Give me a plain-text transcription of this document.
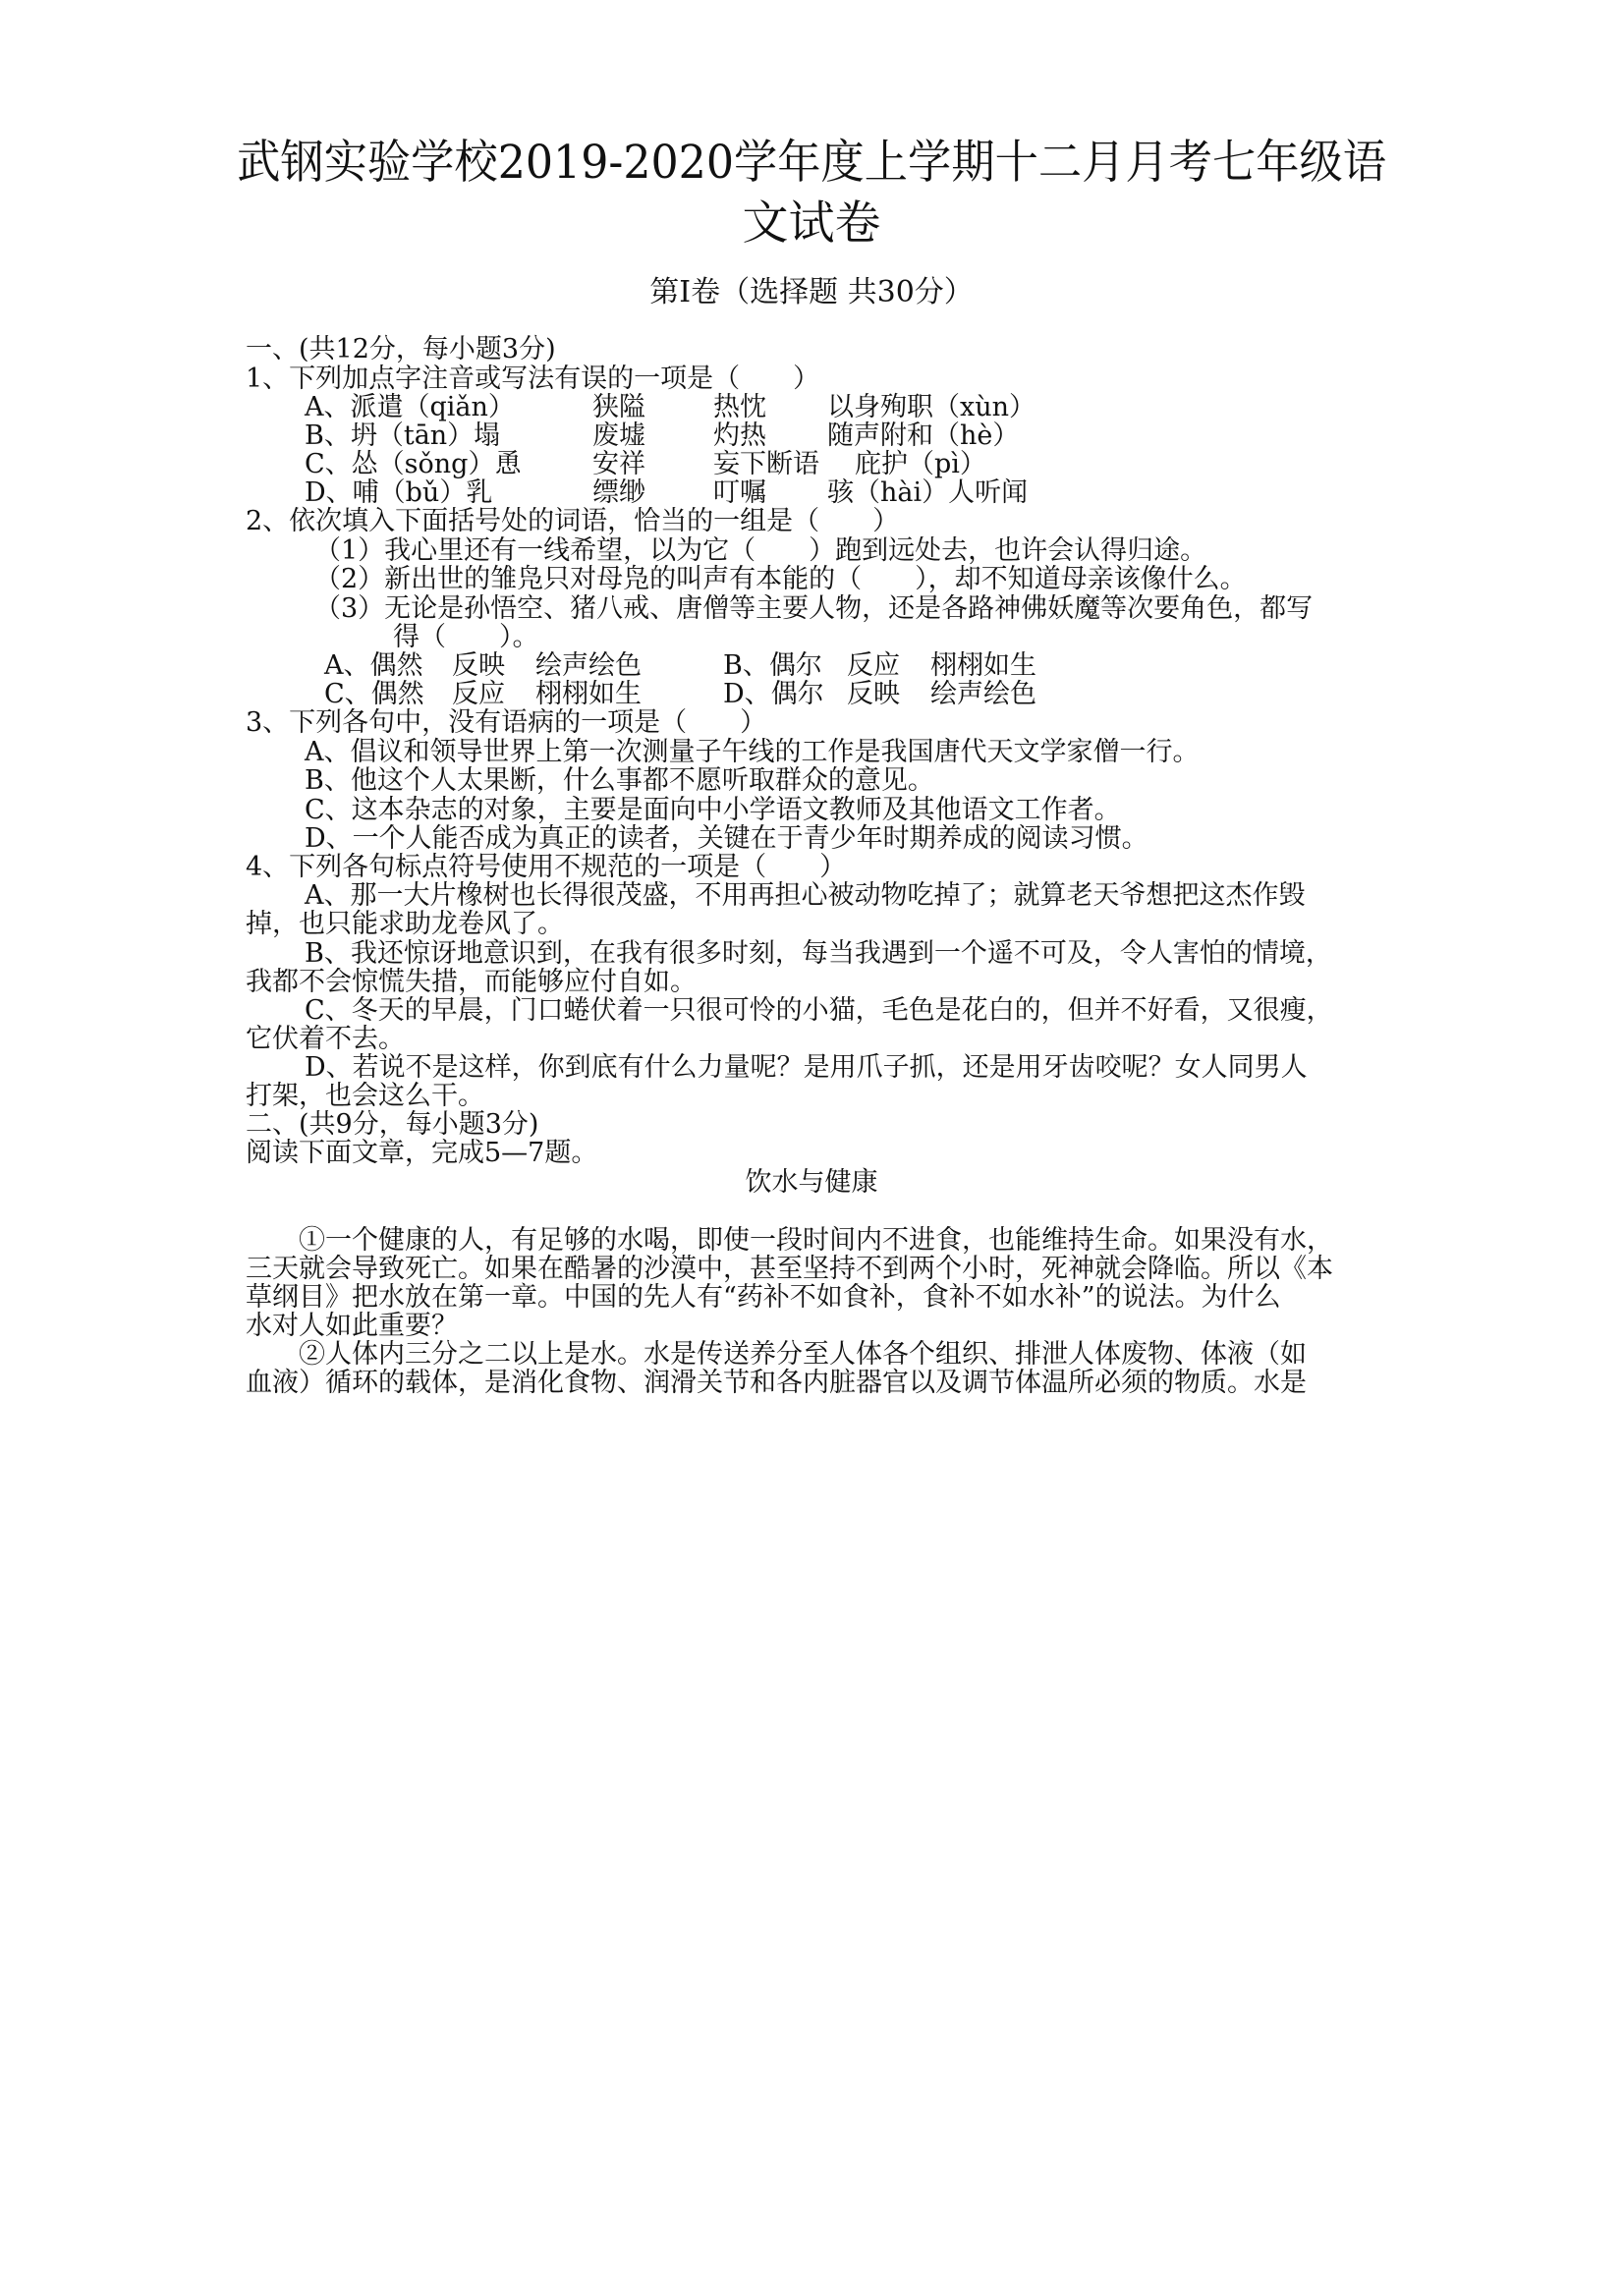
武钢实验学校2019-2020学年度上学期十二月月考七年级语
文试卷
第Ⅰ卷（选择题 共30分）
一、(共12分，每小题3分)
1、下列加点字注音或写法有误的一项是（　　）
A、派遣（qiǎn）	狭隘	热忱 以身殉职（xùn）
B、坍（tān）塌	废墟	灼热 随声附和（hè）
C、怂（sǒng）恿	安祥	妄下断语 庇护（pì）
D、哺（bǔ）乳	缥缈	叮嘱 骇（hài）人听闻
2、依次填入下面括号处的词语，恰当的一组是（　　）
（1）我心里还有一线希望，以为它（　　）跑到远处去，也许会认得归途。
（2）新出世的雏凫只对母凫的叫声有本能的（　　），却不知道母亲该像什么。
（3）无论是孙悟空、猪八戒、唐僧等主要人物，还是各路神佛妖魔等次要角色，都写
得（　　）。
A、偶然 反映 绘声绘色	B、偶尔 反应 栩栩如生
C、偶然 反应 栩栩如生	D、偶尔 反映 绘声绘色
3、下列各句中，没有语病的一项是（　　）
A、倡议和领导世界上第一次测量子午线的工作是我国唐代天文学家僧一行。
B、他这个人太果断，什么事都不愿听取群众的意见。
C、这本杂志的对象，主要是面向中小学语文教师及其他语文工作者。
D、一个人能否成为真正的读者，关键在于青少年时期养成的阅读习惯。
4、下列各句标点符号使用不规范的一项是（　　）
A、那一大片橡树也长得很茂盛，不用再担心被动物吃掉了；就算老天爷想把这杰作毁
掉，也只能求助龙卷风了。
B、我还惊讶地意识到，在我有很多时刻，每当我遇到一个遥不可及，令人害怕的情境，
我都不会惊慌失措，而能够应付自如。
C、冬天的早晨，门口蜷伏着一只很可怜的小猫，毛色是花白的，但并不好看，又很瘦，
它伏着不去。
D、若说不是这样，你到底有什么力量呢？是用爪子抓，还是用牙齿咬呢？女人同男人
打架，也会这么干。
二、(共9分，每小题3分)
阅读下面文章，完成5—7题。
饮水与健康
①一个健康的人，有足够的水喝，即使一段时间内不进食，也能维持生命。如果没有水，
三天就会导致死亡。如果在酷暑的沙漠中，甚至坚持不到两个小时，死神就会降临。所以《本
草纲目》把水放在第一章。中国的先人有“药补不如食补，食补不如水补”的说法。为什么
水对人如此重要？
②人体内三分之二以上是水。水是传送养分至人体各个组织、排泄人体废物、体液（如
血液）循环的载体，是消化食物、润滑关节和各内脏器官以及调节体温所必须的物质。水是
